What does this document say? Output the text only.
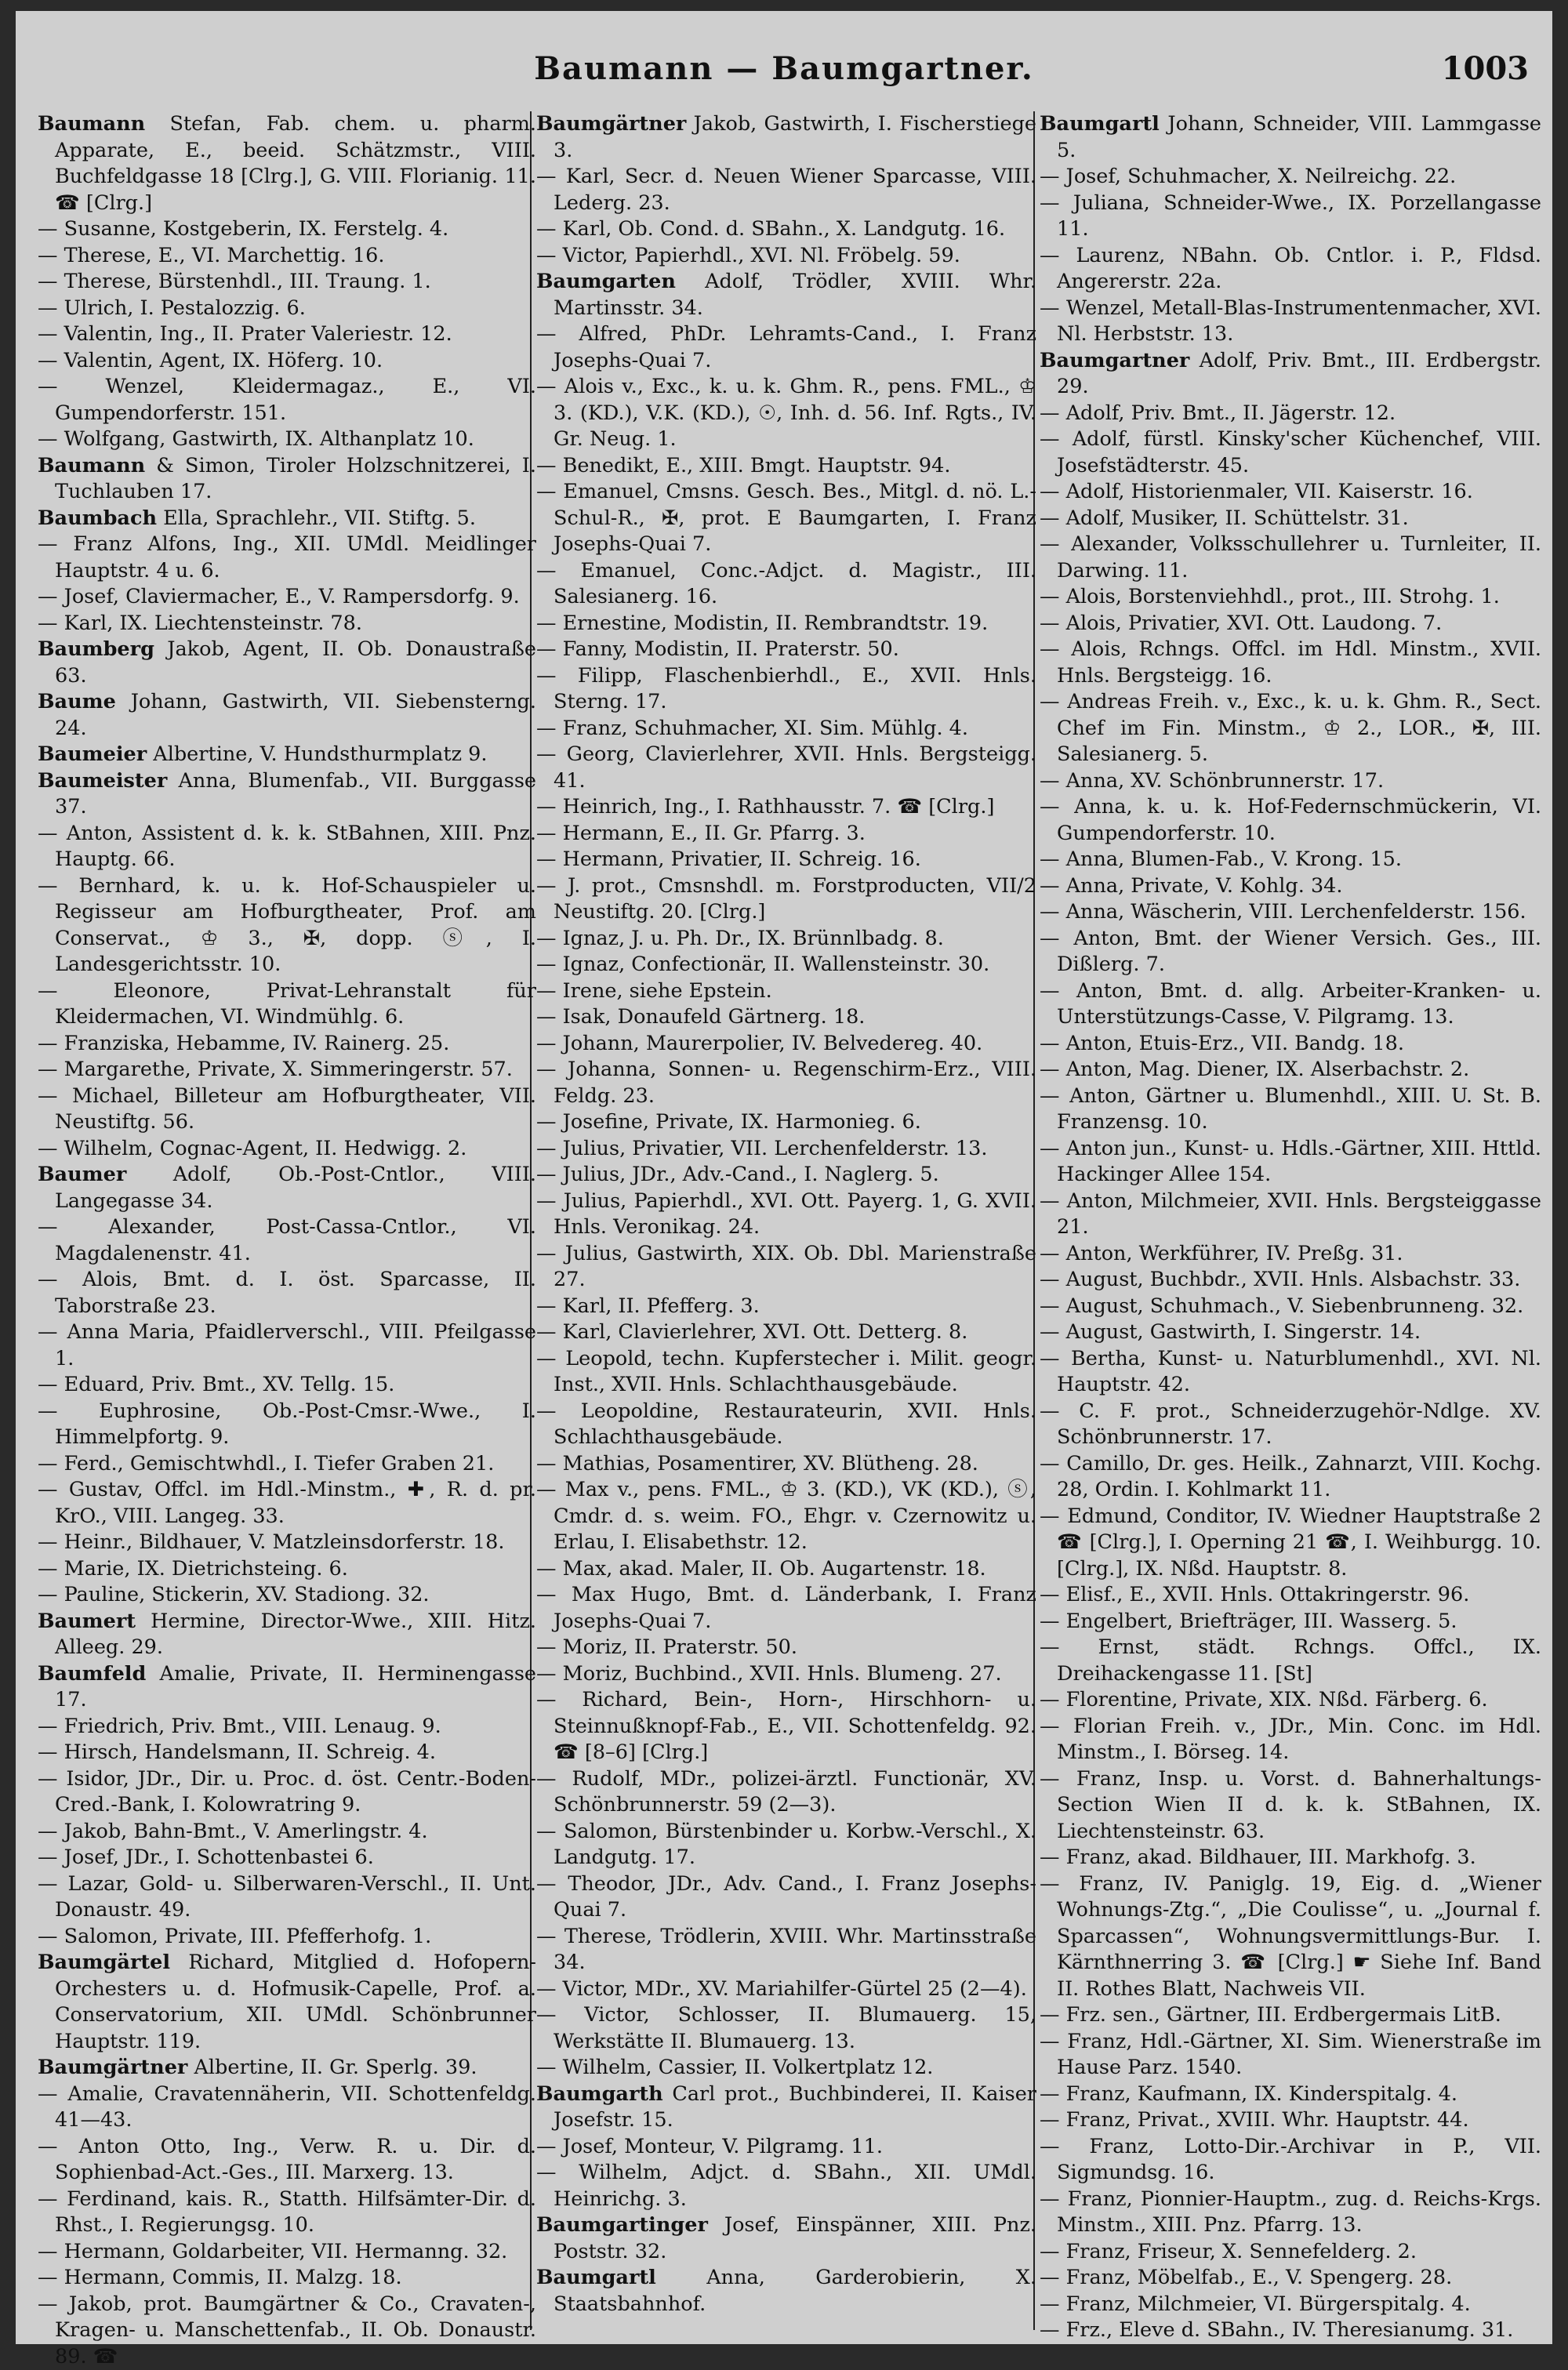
Baumann — Baumgartner.	1003

Baumann Stefan, Fab. chem. u. pharm. Apparate, E., beeid. Schätzmstr., VIII. Buchfeldgasse 18 [Clrg.], G. VIII. Florianig. 11. ☎ [Clrg.]

— Susanne, Kostgeberin, IX. Ferstelg. 4.

— Therese, E., VI. Marchettig. 16.

— Therese, Bürstenhdl., III. Traung. 1.

— Ulrich, I. Pestalozzig. 6.

— Valentin, Ing., II. Prater Valeriestr. 12.

— Valentin, Agent, IX. Höferg. 10.

— Wenzel, Kleidermagaz., E., VI. Gumpendorferstr. 151.

— Wolfgang, Gastwirth, IX. Althanplatz 10.

Baumann & Simon, Tiroler Holzschnitzerei, I. Tuchlauben 17.

Baumbach Ella, Sprachlehr., VII. Stiftg. 5.

— Franz Alfons, Ing., XII. UMdl. Meidlinger Hauptstr. 4 u. 6.

— Josef, Claviermacher, E., V. Rampersdorfg. 9.

— Karl, IX. Liechtensteinstr. 78.

Baumberg Jakob, Agent, II. Ob. Donaustraße 63.

Baume Johann, Gastwirth, VII. Siebensterng. 24.

Baumeier Albertine, V. Hundsthurmplatz 9.

Baumeister Anna, Blumenfab., VII. Burggasse 37.

— Anton, Assistent d. k. k. StBahnen, XIII. Pnz. Hauptg. 66.

— Bernhard, k. u. k. Hof-Schauspieler u. Regisseur am Hofburgtheater, Prof. am Conservat., ♔ 3., ✠, dopp. ⓢ, I. Landesgerichtsstr. 10.

— Eleonore, Privat-Lehranstalt für Kleidermachen, VI. Windmühlg. 6.

— Franziska, Hebamme, IV. Rainerg. 25.

— Margarethe, Private, X. Simmeringerstr. 57.

— Michael, Billeteur am Hofburgtheater, VII. Neustiftg. 56.

— Wilhelm, Cognac-Agent, II. Hedwigg. 2.

Baumer Adolf, Ob.-Post-Cntlor., VIII. Langegasse 34.

— Alexander, Post-Cassa-Cntlor., VI. Magdalenenstr. 41.

— Alois, Bmt. d. I. öst. Sparcasse, II. Taborstraße 23.

— Anna Maria, Pfaidlerverschl., VIII. Pfeilgasse 1.

— Eduard, Priv. Bmt., XV. Tellg. 15.

— Euphrosine, Ob.-Post-Cmsr.-Wwe., I. Himmelpfortg. 9.

— Ferd., Gemischtwhdl., I. Tiefer Graben 21.

— Gustav, Offcl. im Hdl.-Minstm., ✚, R. d. pr. KrO., VIII. Langeg. 33.

— Heinr., Bildhauer, V. Matzleinsdorferstr. 18.

— Marie, IX. Dietrichsteing. 6.

— Pauline, Stickerin, XV. Stadiong. 32.

Baumert Hermine, Director-Wwe., XIII. Hitz. Alleeg. 29.

Baumfeld Amalie, Private, II. Herminengasse 17.

— Friedrich, Priv. Bmt., VIII. Lenaug. 9.

— Hirsch, Handelsmann, II. Schreig. 4.

— Isidor, JDr., Dir. u. Proc. d. öst. Centr.-Boden-Cred.-Bank, I. Kolowratring 9.

— Jakob, Bahn-Bmt., V. Amerlingstr. 4.

— Josef, JDr., I. Schottenbastei 6.

— Lazar, Gold- u. Silberwaren-Verschl., II. Unt. Donaustr. 49.

— Salomon, Private, III. Pfefferhofg. 1.

Baumgärtel Richard, Mitglied d. Hofopern-Orchesters u. d. Hofmusik-Capelle, Prof. a. Conservatorium, XII. UMdl. Schönbrunner Hauptstr. 119.

Baumgärtner Albertine, II. Gr. Sperlg. 39.

— Amalie, Cravatennäherin, VII. Schottenfeldg. 41—43.

— Anton Otto, Ing., Verw. R. u. Dir. d. Sophienbad-Act.-Ges., III. Marxerg. 13.

— Ferdinand, kais. R., Statth. Hilfsämter-Dir. d. Rhst., I. Regierungsg. 10.

— Hermann, Goldarbeiter, VII. Hermanng. 32.

— Hermann, Commis, II. Malzg. 18.

— Jakob, prot. Baumgärtner & Co., Cravaten-, Kragen- u. Manschettenfab., II. Ob. Donaustr. 89. ☎

Baumgärtner Jakob, Gastwirth, I. Fischerstiege 3.

— Karl, Secr. d. Neuen Wiener Sparcasse, VIII. Lederg. 23.

— Karl, Ob. Cond. d. SBahn., X. Landgutg. 16.

— Victor, Papierhdl., XVI. Nl. Fröbelg. 59.

Baumgarten Adolf, Trödler, XVIII. Whr. Martinsstr. 34.

— Alfred, PhDr. Lehramts-Cand., I. Franz Josephs-Quai 7.

— Alois v., Exc., k. u. k. Ghm. R., pens. FML., ♔ 3. (KD.), V.K. (KD.), ☉, Inh. d. 56. Inf. Rgts., IV. Gr. Neug. 1.

— Benedikt, E., XIII. Bmgt. Hauptstr. 94.

— Emanuel, Cmsns. Gesch. Bes., Mitgl. d. nö. L.-Schul-R., ✠, prot. E Baumgarten, I. Franz Josephs-Quai 7.

— Emanuel, Conc.-Adjct. d. Magistr., III. Salesianerg. 16.

— Ernestine, Modistin, II. Rembrandtstr. 19.

— Fanny, Modistin, II. Praterstr. 50.

— Filipp, Flaschenbierhdl., E., XVII. Hnls. Sterng. 17.

— Franz, Schuhmacher, XI. Sim. Mühlg. 4.

— Georg, Clavierlehrer, XVII. Hnls. Bergsteigg. 41.

— Heinrich, Ing., I. Rathhausstr. 7. ☎ [Clrg.]

— Hermann, E., II. Gr. Pfarrg. 3.

— Hermann, Privatier, II. Schreig. 16.

— J. prot., Cmsnshdl. m. Forstproducten, VII/2 Neustiftg. 20. [Clrg.]

— Ignaz, J. u. Ph. Dr., IX. Brünnlbadg. 8.

— Ignaz, Confectionär, II. Wallensteinstr. 30.

— Irene, siehe Epstein.

— Isak, Donaufeld Gärtnerg. 18.

— Johann, Maurerpolier, IV. Belvedereg. 40.

— Johanna, Sonnen- u. Regenschirm-Erz., VIII. Feldg. 23.

— Josefine, Private, IX. Harmonieg. 6.

— Julius, Privatier, VII. Lerchenfelderstr. 13.

— Julius, JDr., Adv.-Cand., I. Naglerg. 5.

— Julius, Papierhdl., XVI. Ott. Payerg. 1, G. XVII. Hnls. Veronikag. 24.

— Julius, Gastwirth, XIX. Ob. Dbl. Marienstraße 27.

— Karl, II. Pfefferg. 3.

— Karl, Clavierlehrer, XVI. Ott. Detterg. 8.

— Leopold, techn. Kupferstecher i. Milit. geogr. Inst., XVII. Hnls. Schlachthausgebäude.

— Leopoldine, Restaurateurin, XVII. Hnls. Schlachthausgebäude.

— Mathias, Posamentirer, XV. Blütheng. 28.

— Max v., pens. FML., ♔ 3. (KD.), VK (KD.), ⓢ, Cmdr. d. s. weim. FO., Ehgr. v. Czernowitz u. Erlau, I. Elisabethstr. 12.

— Max, akad. Maler, II. Ob. Augartenstr. 18.

— Max Hugo, Bmt. d. Länderbank, I. Franz Josephs-Quai 7.

— Moriz, II. Praterstr. 50.

— Moriz, Buchbind., XVII. Hnls. Blumeng. 27.

— Richard, Bein-, Horn-, Hirschhorn- u. Steinnußknopf-Fab., E., VII. Schottenfeldg. 92. ☎ [8–6] [Clrg.]

— Rudolf, MDr., polizei-ärztl. Functionär, XV. Schönbrunnerstr. 59 (2—3).

— Salomon, Bürstenbinder u. Korbw.-Verschl., X. Landgutg. 17.

— Theodor, JDr., Adv. Cand., I. Franz Josephs-Quai 7.

— Therese, Trödlerin, XVIII. Whr. Martinsstraße 34.

— Victor, MDr., XV. Mariahilfer-Gürtel 25 (2—4).

— Victor, Schlosser, II. Blumauerg. 15, Werkstätte II. Blumauerg. 13.

— Wilhelm, Cassier, II. Volkertplatz 12.

Baumgarth Carl prot., Buchbinderei, II. Kaiser Josefstr. 15.

— Josef, Monteur, V. Pilgramg. 11.

— Wilhelm, Adjct. d. SBahn., XII. UMdl. Heinrichg. 3.

Baumgartinger Josef, Einspänner, XIII. Pnz. Poststr. 32.

Baumgartl Anna, Garderobierin, X. Staatsbahnhof.

Baumgartl Johann, Schneider, VIII. Lammgasse 5.

— Josef, Schuhmacher, X. Neilreichg. 22.

— Juliana, Schneider-Wwe., IX. Porzellangasse 11.

— Laurenz, NBahn. Ob. Cntlor. i. P., Fldsd. Angererstr. 22a.

— Wenzel, Metall-Blas-Instrumentenmacher, XVI. Nl. Herbststr. 13.

Baumgartner Adolf, Priv. Bmt., III. Erdbergstr. 29.

— Adolf, Priv. Bmt., II. Jägerstr. 12.

— Adolf, fürstl. Kinsky'scher Küchenchef, VIII. Josefstädterstr. 45.

— Adolf, Historienmaler, VII. Kaiserstr. 16.

— Adolf, Musiker, II. Schüttelstr. 31.

— Alexander, Volksschullehrer u. Turnleiter, II. Darwing. 11.

— Alois, Borstenviehhdl., prot., III. Strohg. 1.

— Alois, Privatier, XVI. Ott. Laudong. 7.

— Alois, Rchngs. Offcl. im Hdl. Minstm., XVII. Hnls. Bergsteigg. 16.

— Andreas Freih. v., Exc., k. u. k. Ghm. R., Sect. Chef im Fin. Minstm., ♔ 2., LOR., ✠, III. Salesianerg. 5.

— Anna, XV. Schönbrunnerstr. 17.

— Anna, k. u. k. Hof-Federnschmückerin, VI. Gumpendorferstr. 10.

— Anna, Blumen-Fab., V. Krong. 15.

— Anna, Private, V. Kohlg. 34.

— Anna, Wäscherin, VIII. Lerchenfelderstr. 156.

— Anton, Bmt. der Wiener Versich. Ges., III. Dißlerg. 7.

— Anton, Bmt. d. allg. Arbeiter-Kranken- u. Unterstützungs-Casse, V. Pilgramg. 13.

— Anton, Etuis-Erz., VII. Bandg. 18.

— Anton, Mag. Diener, IX. Alserbachstr. 2.

— Anton, Gärtner u. Blumenhdl., XIII. U. St. B. Franzensg. 10.

— Anton jun., Kunst- u. Hdls.-Gärtner, XIII. Httld. Hackinger Allee 154.

— Anton, Milchmeier, XVII. Hnls. Bergsteiggasse 21.

— Anton, Werkführer, IV. Preßg. 31.

— August, Buchbdr., XVII. Hnls. Alsbachstr. 33.

— August, Schuhmach., V. Siebenbrunneng. 32.

— August, Gastwirth, I. Singerstr. 14.

— Bertha, Kunst- u. Naturblumenhdl., XVI. Nl. Hauptstr. 42.

— C. F. prot., Schneiderzugehör-Ndlge. XV. Schönbrunnerstr. 17.

— Camillo, Dr. ges. Heilk., Zahnarzt, VIII. Kochg. 28, Ordin. I. Kohlmarkt 11.

— Edmund, Conditor, IV. Wiedner Hauptstraße 2 ☎ [Clrg.], I. Operning 21 ☎, I. Weihburgg. 10. [Clrg.], IX. Nßd. Hauptstr. 8.

— Elisf., E., XVII. Hnls. Ottakringerstr. 96.

— Engelbert, Briefträger, III. Wasserg. 5.

— Ernst, städt. Rchngs. Offcl., IX. Dreihackengasse 11. [St]

— Florentine, Private, XIX. Nßd. Färberg. 6.

— Florian Freih. v., JDr., Min. Conc. im Hdl. Minstm., I. Börseg. 14.

— Franz, Insp. u. Vorst. d. Bahnerhaltungs-Section Wien II d. k. k. StBahnen, IX. Liechtensteinstr. 63.

— Franz, akad. Bildhauer, III. Markhofg. 3.

— Franz, IV. Paniglg. 19, Eig. d. „Wiener Wohnungs-Ztg.“, „Die Coulisse“, u. „Journal f. Sparcassen“, Wohnungsvermittlungs-Bur. I. Kärnthnerring 3. ☎ [Clrg.] ☛ Siehe Inf. Band II. Rothes Blatt, Nachweis VII.

— Frz. sen., Gärtner, III. Erdbergermais LitB.

— Franz, Hdl.-Gärtner, XI. Sim. Wienerstraße im Hause Parz. 1540.

— Franz, Kaufmann, IX. Kinderspitalg. 4.

— Franz, Privat., XVIII. Whr. Hauptstr. 44.

— Franz, Lotto-Dir.-Archivar in P., VII. Sigmundsg. 16.

— Franz, Pionnier-Hauptm., zug. d. Reichs-Krgs. Minstm., XIII. Pnz. Pfarrg. 13.

— Franz, Friseur, X. Sennefelderg. 2.

— Franz, Möbelfab., E., V. Spengerg. 28.

— Franz, Milchmeier, VI. Bürgerspitalg. 4.

— Frz., Eleve d. SBahn., IV. Theresianumg. 31.
